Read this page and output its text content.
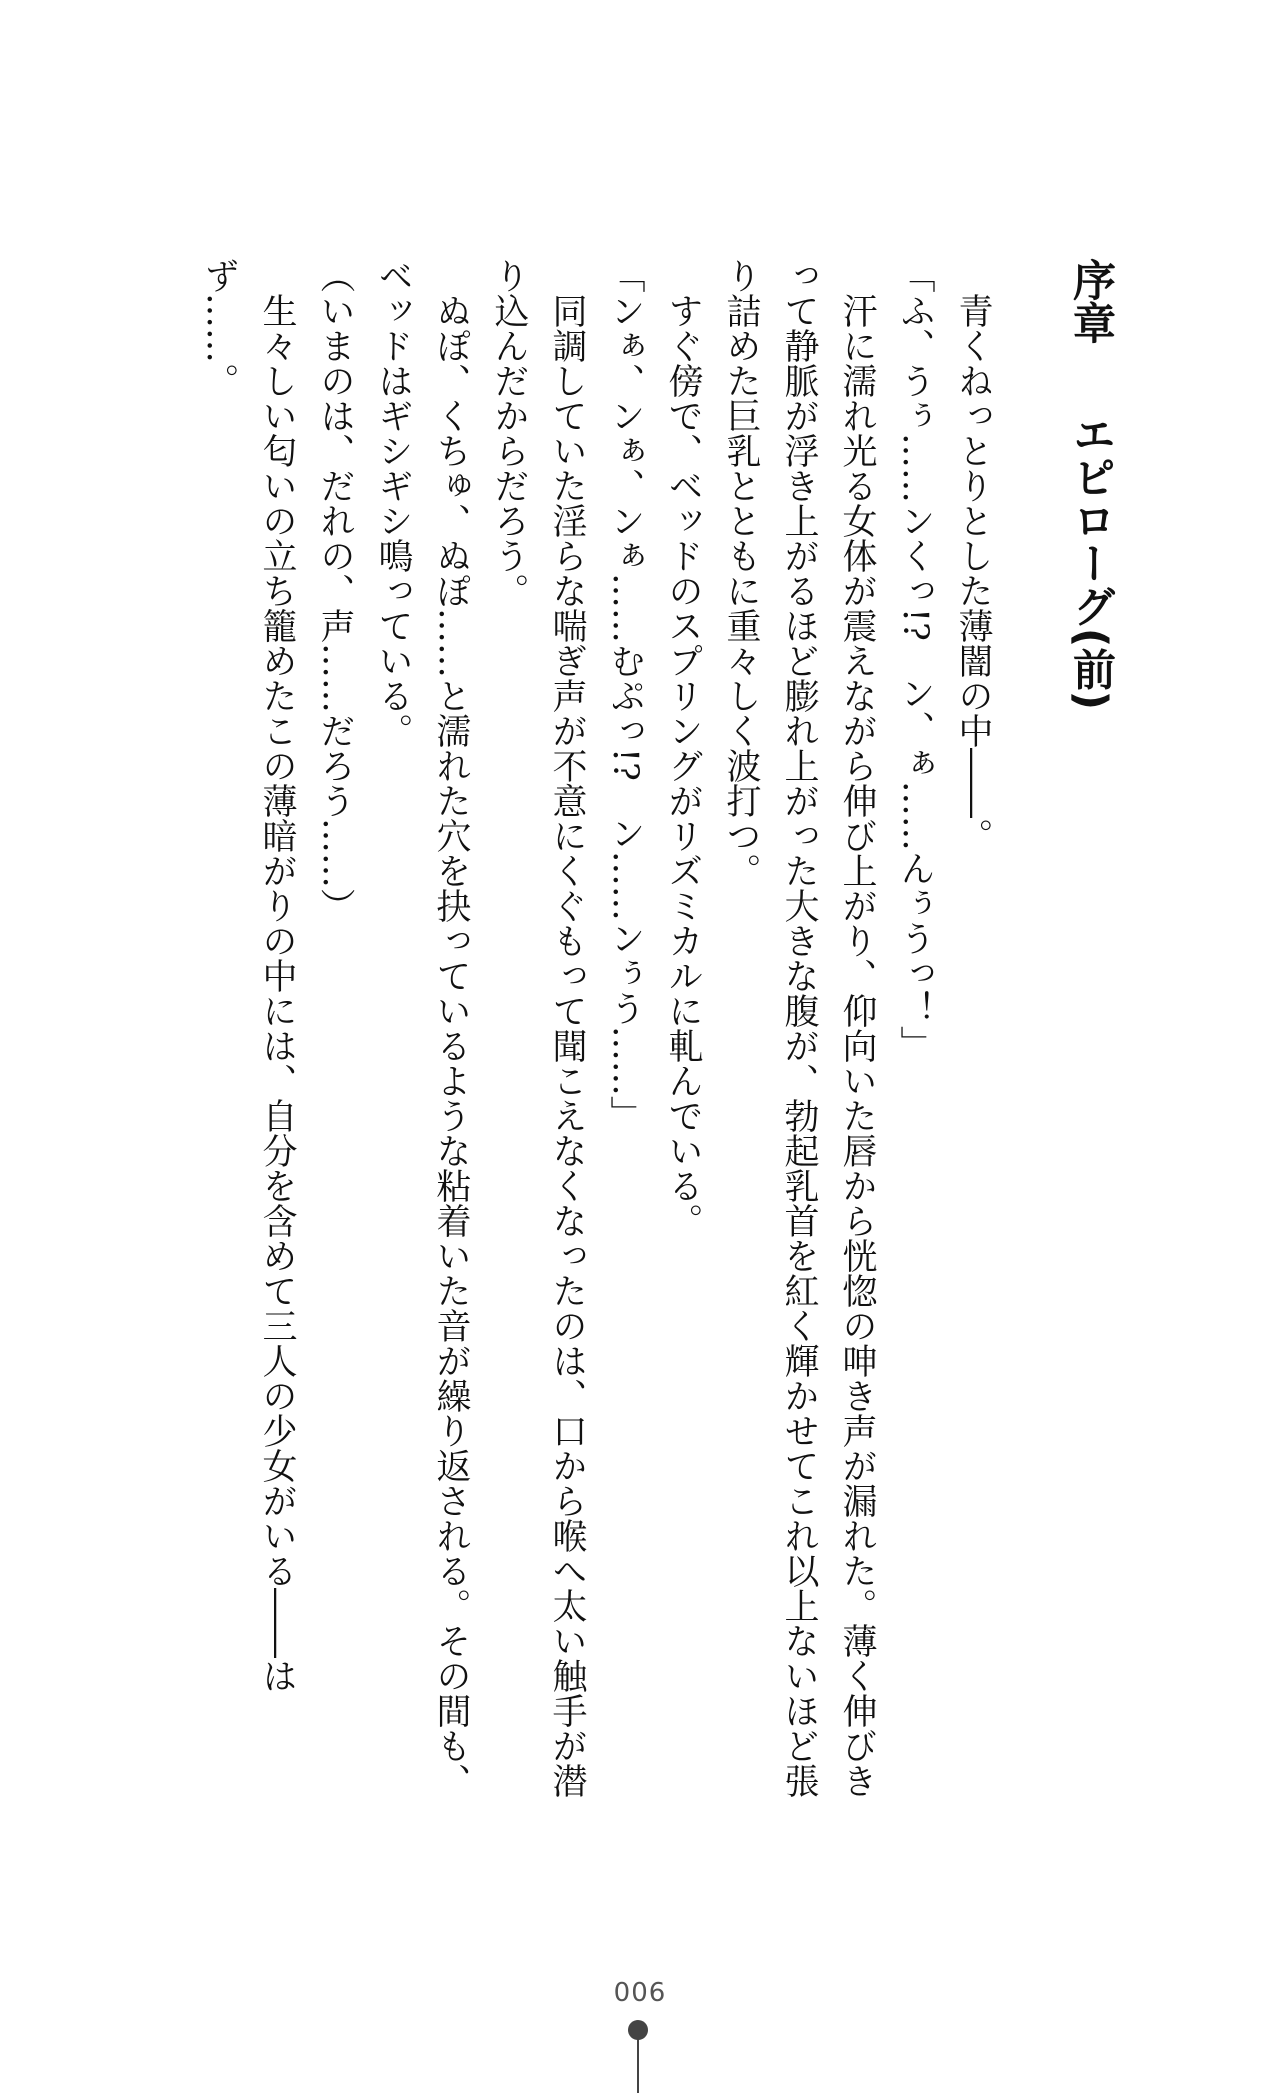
序章エピローグ(前)

　青くねっとりとした薄闇の中――。

「ふ、うぅ……ンくっ!?　ン、ぁ……んぅうっ！」

　汗に濡れ光る女体が震えながら伸び上がり、仰向いた唇から恍惚の呻き声が漏れた。薄く伸びきって静脈が浮き上がるほど膨れ上がった大きな腹が、勃起乳首を紅く輝かせてこれ以上ないほど張り詰めた巨乳とともに重々しく波打つ。

　すぐ傍で、ベッドのスプリングがリズミカルに軋んでいる。

「ンぁ、ンぁ、ンぁ……むぷっ!?　ン……ンぅう……」

　同調していた淫らな喘ぎ声が不意にくぐもって聞こえなくなったのは、口から喉へ太い触手が潜り込んだからだろう。

　ぬぽ、くちゅ、ぬぽ……と濡れた穴を抉っているような粘着いた音が繰り返される。その間も、ベッドはギシギシ鳴っている。

（いまのは、だれの、声……だろう……）

　生々しい匂いの立ち籠めたこの薄暗がりの中には、自分を含めて三人の少女がいる――はず……。

006
